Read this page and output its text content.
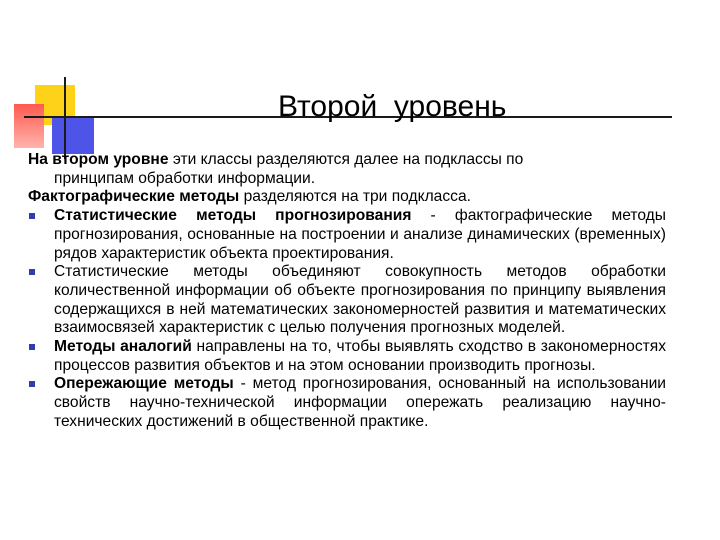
Второй  уровень

На втором уровне эти классы разделяются далее на подклассы по
принципам обработки информации.

Фактографические методы разделяются на три подкласса.

Статистические методы прогнозирования - фактографические методы прогнозирования, основанные на построении и анализе динамических (временных) рядов характеристик объекта проектирования.
Статистические методы объединяют совокупность методов обработки количественной информации об объекте прогнозирования по принципу выявления содержащихся в ней математических закономерностей развития и математических взаимосвязей характеристик с целью получения прогнозных моделей.
Методы аналогий направлены на то, чтобы выявлять сходство в закономерностях процессов развития объектов и на этом основании производить прогнозы.
Опережающие методы - метод прогнозирования, основанный на использовании свойств научно-технической информации опережать реализацию научно-технических достижений в общественной практике.
